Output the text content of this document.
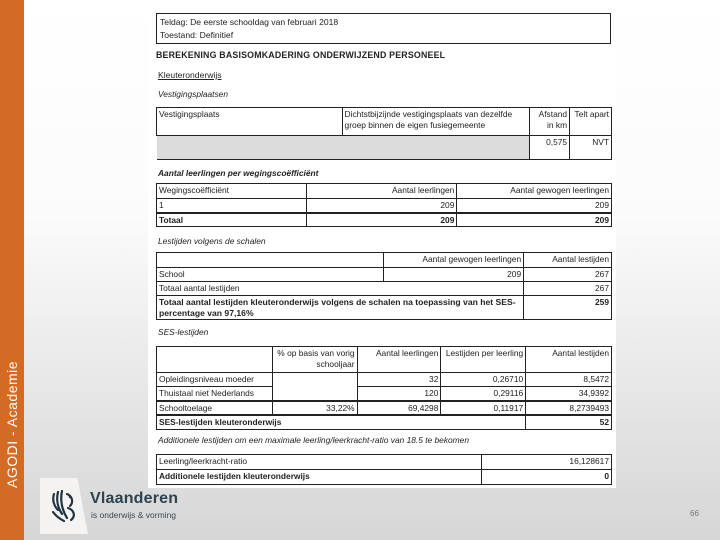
AGODI - Academie
Teldag: De eerste schooldag van februari 2018
Toestand: Definitief
BEREKENING BASISOMKADERING ONDERWIJZEND PERSONEEL
Kleuteronderwijs
Vestigingsplaatsen
Vestigingsplaats	Dichtstbijzijnde vestigingsplaats van dezelfde groep binnen de eigen fusiegemeente	Afstand in km	Telt apart
		0,575	NVT
Aantal leerlingen per wegingscoëfficiënt
Wegingscoëfficiënt	Aantal leerlingen	Aantal gewogen leerlingen
1	209	209
Totaal	209	209
Lestijden volgens de schalen
	Aantal gewogen leerlingen	Aantal lestijden
School	209	267
Totaal aantal lestijden		267
Totaal aantal lestijden kleuteronderwijs volgens de schalen na toepassing van het SES-percentage van 97,16%		259
SES-lestijden
	% op basis van vorig schooljaar	Aantal leerlingen	Lestijden per leerling	Aantal lestijden
Opleidingsniveau moeder		32	0,26710	8,5472
Thuistaal niet Nederlands		120	0,29116	34,9392
Schooltoelage	33,22%	69,4298	0,11917	8,2739493
SES-lestijden kleuteronderwijs				52
Additionele lestijden om een maximale leerling/leerkracht-ratio van 18.5 te bekomen
Leerling/leerkracht-ratio	16,128617
Additionele lestijden kleuteronderwijs	0
Vlaanderen
is onderwijs & vorming	66
